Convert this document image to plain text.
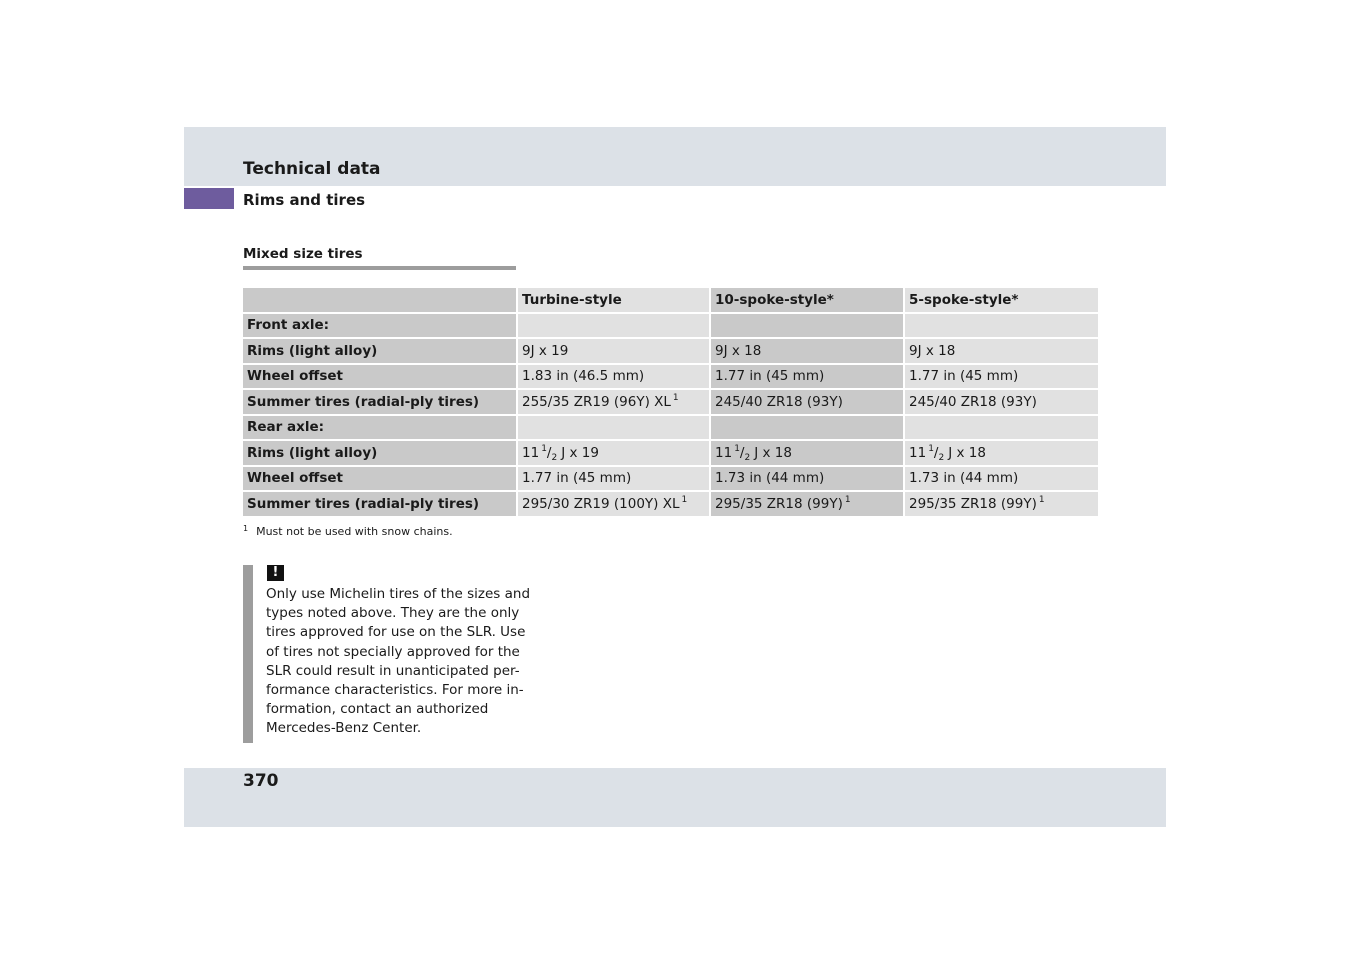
Technical data
Rims and tires
Mixed size tires
	Turbine-style	10-spoke-style*	5-spoke-style*
Front axle:			
Rims (light alloy)	9J x 19	9J x 18	9J x 18
Wheel offset	1.83 in (46.5 mm)	1.77 in (45 mm)	1.77 in (45 mm)
Summer tires (radial-ply tires)	255/35 ZR19 (96Y) XL $^1$	245/40 ZR18 (93Y)	245/40 ZR18 (93Y)
Rear axle:			
Rims (light alloy)	11 $^1/_2$ J x 19	11 $^1/_2$ J x 18	11 $^1/_2$ J x 18
Wheel offset	1.77 in (45 mm)	1.73 in (44 mm)	1.73 in (44 mm)
Summer tires (radial-ply tires)	295/30 ZR19 (100Y) XL $^1$	295/35 ZR18 (99Y) $^1$	295/35 ZR18 (99Y) $^1$
$^1$ Must not be used with snow chains.
!
Only use Michelin tires of the sizes and
types noted above. They are the only
tires approved for use on the SLR. Use
of tires not specially approved for the
SLR could result in unanticipated per-
formance characteristics. For more in-
formation, contact an authorized
Mercedes-Benz Center.
370
